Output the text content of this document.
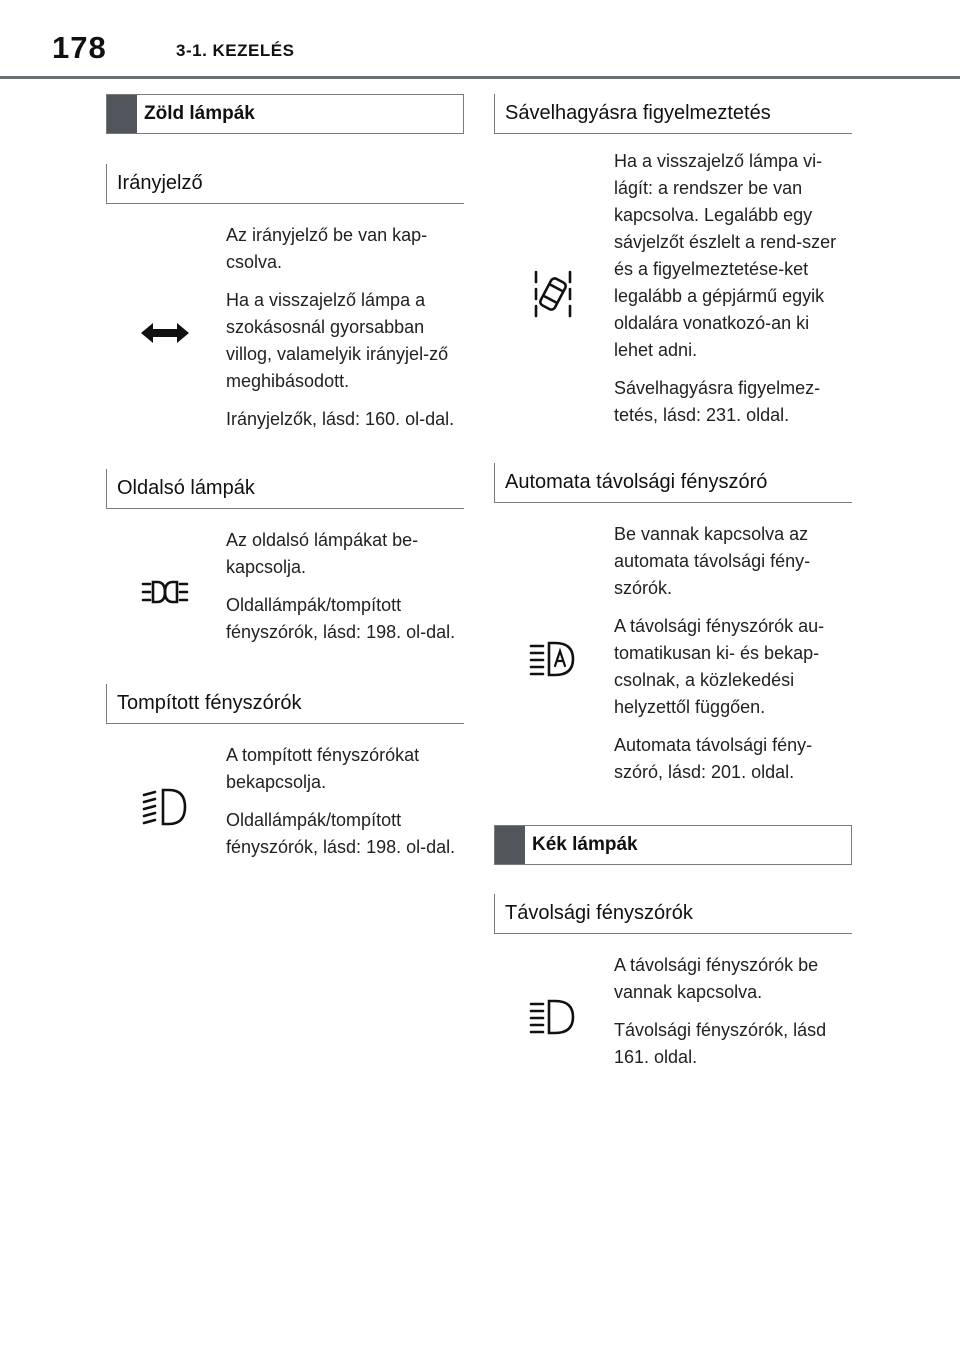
178	3-1. KEZELÉS
Zöld lámpák
Irányjelző

Az irányjelző be van kap-csolva.

Ha a visszajelző lámpa a szokásosnál gyorsabban villog, valamelyik irányjel-ző meghibásodott.

Irányjelzők, lásd: 160. ol-dal.

Oldalsó lámpák

Az oldalsó lámpákat be-kapcsolja.

Oldallámpák/tompított fényszórók, lásd: 198. ol-dal.

Tompított fényszórók

A tompított fényszórókat bekapcsolja.

Oldallámpák/tompított fényszórók, lásd: 198. ol-dal.

Sávelhagyásra figyelmeztetés

Ha a visszajelző lámpa vi-lágít: a rendszer be van kapcsolva. Legalább egy sávjelzőt észlelt a rend-szer és a figyelmeztetése-ket legalább a gépjármű egyik oldalára vonatkozó-an ki lehet adni.

Sávelhagyásra figyelmez-tetés, lásd: 231. oldal.

Automata távolsági fényszóró

Be vannak kapcsolva az automata távolsági fény-szórók.

A távolsági fényszórók au-tomatikusan ki- és bekap-csolnak, a közlekedési helyzettől függően.

Automata távolsági fény-szóró, lásd: 201. oldal.

Kék lámpák
Távolsági fényszórók

A távolsági fényszórók be vannak kapcsolva.

Távolsági fényszórók, lásd 161. oldal.
